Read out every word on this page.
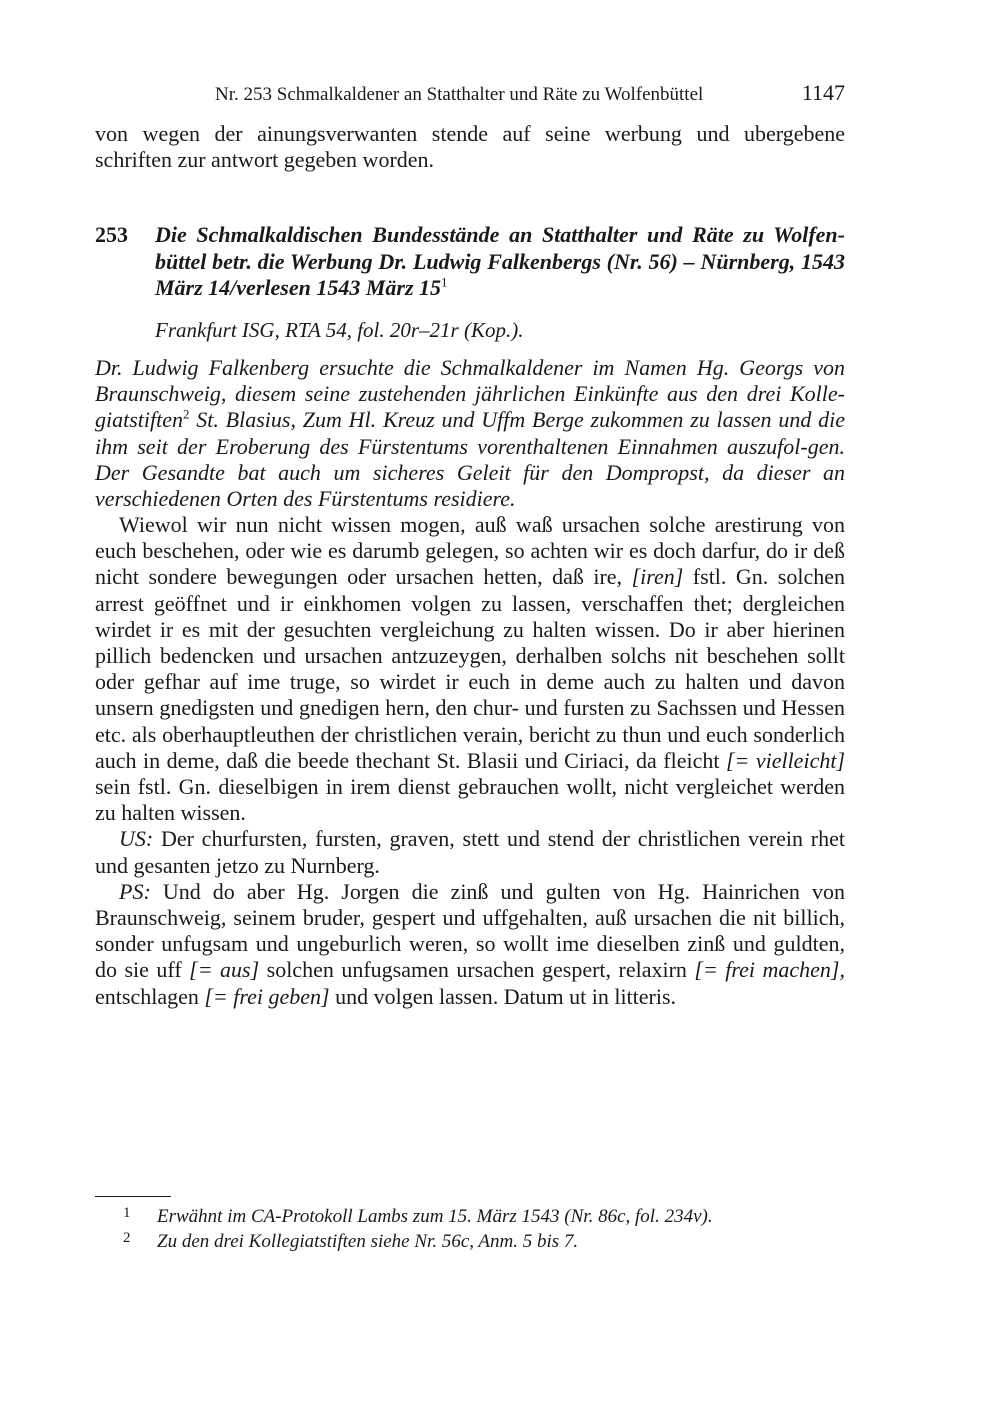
Nr. 253 Schmalkaldener an Statthalter und Räte zu Wolfenbüttel	1147
von wegen der ainungsverwanten stende auf seine werbung und ubergebene schriften zur antwort gegeben worden.
253 Die Schmalkaldischen Bundesstände an Statthalter und Räte zu Wolfen-büttel betr. die Werbung Dr. Ludwig Falkenbergs (Nr. 56) – Nürnberg, 1543 März 14/verlesen 1543 März $15^1$
Frankfurt ISG, RTA 54, fol. 20r–21r (Kop.).
Dr. Ludwig Falkenberg ersuchte die Schmalkaldener im Namen Hg. Georgs von Braunschweig, diesem seine zustehenden jährlichen Einkünfte aus den drei Kolle-giatstiften$^2$ St. Blasius, Zum Hl. Kreuz und Uffm Berge zukommen zu lassen und die ihm seit der Eroberung des Fürstentums vorenthaltenen Einnahmen auszufol-gen. Der Gesandte bat auch um sicheres Geleit für den Dompropst, da dieser an verschiedenen Orten des Fürstentums residiere.

Wiewol wir nun nicht wissen mogen, auß waß ursachen solche arestirung von euch beschehen, oder wie es darumb gelegen, so achten wir es doch darfur, do ir deß nicht sondere bewegungen oder ursachen hetten, daß ire, [iren] fstl. Gn. solchen arrest geöffnet und ir einkhomen volgen zu lassen, verschaffen thet; dergleichen wirdet ir es mit der gesuchten vergleichung zu halten wissen. Do ir aber hierinen pillich bedencken und ursachen antzuzeygen, derhalben solchs nit beschehen sollt oder gefhar auf ime truge, so wirdet ir euch in deme auch zu halten und davon unsern gnedigsten und gnedigen hern, den chur- und fursten zu Sachssen und Hessen etc. als oberhauptleuthen der christlichen verain, bericht zu thun und euch sonderlich auch in deme, daß die beede thechant St. Blasii und Ciriaci, da fleicht [= vielleicht] sein fstl. Gn. dieselbigen in irem dienst gebrauchen wollt, nicht vergleichet werden zu halten wissen.

US: Der churfursten, fursten, graven, stett und stend der christlichen verein rhet und gesanten jetzo zu Nurnberg.

PS: Und do aber Hg. Jorgen die zinß und gulten von Hg. Hainrichen von Braunschweig, seinem bruder, gespert und uffgehalten, auß ursachen die nit billich, sonder unfugsam und ungeburlich weren, so wollt ime dieselben zinß und guldten, do sie uff [= aus] solchen unfugsamen ursachen gespert, relaxirn [= frei machen], entschlagen [= frei geben] und volgen lassen. Datum ut in litteris.

1 Erwähnt im CA-Protokoll Lambs zum 15. März 1543 (Nr. 86c, fol. 234v).
2 Zu den drei Kollegiatstiften siehe Nr. 56c, Anm. 5 bis 7.
